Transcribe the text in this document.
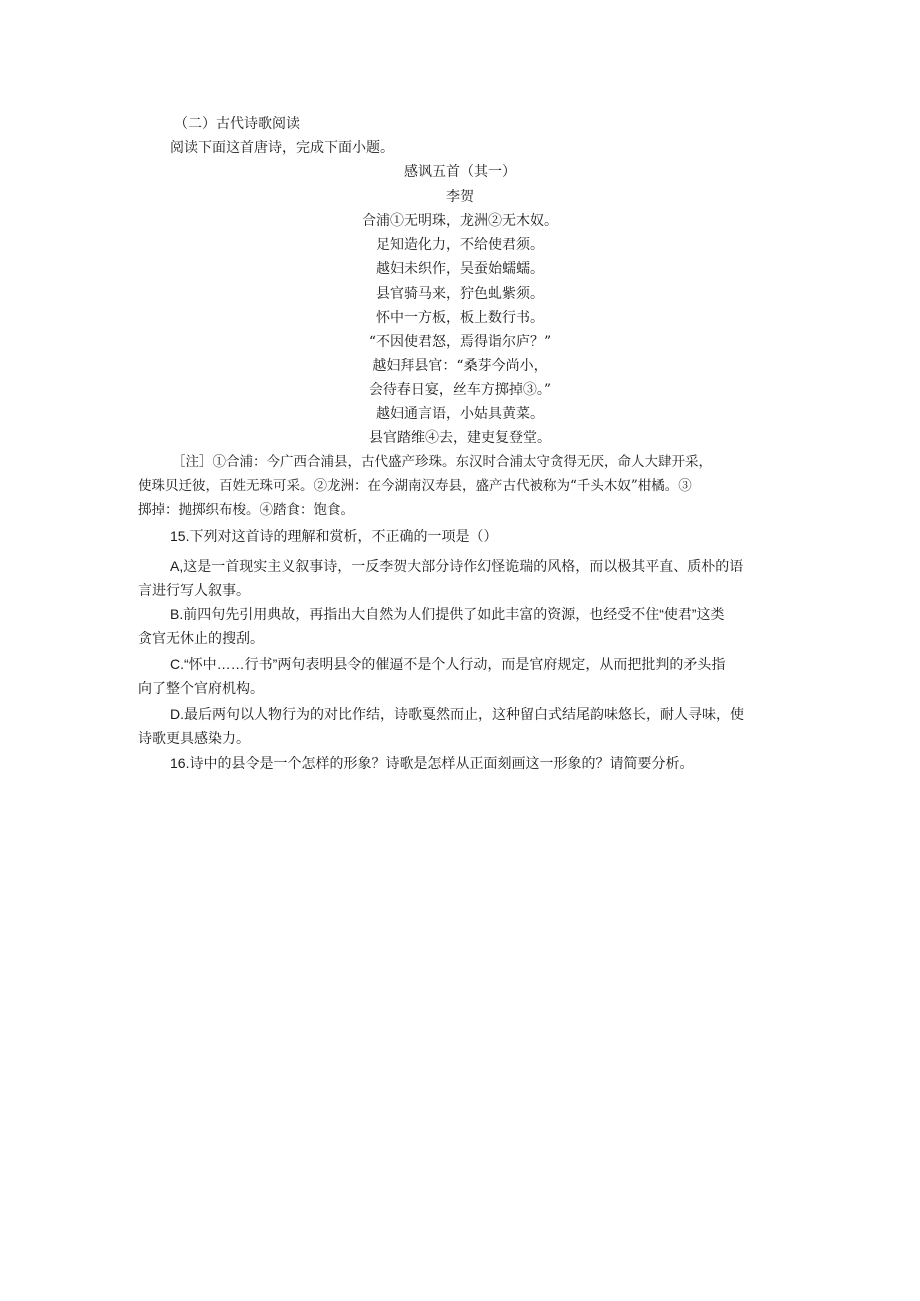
（二）古代诗歌阅读
阅读下面这首唐诗，完成下面小题。
感讽五首（其一）
李贺
合浦①无明珠，龙洲②无木奴。
足知造化力，不给使君须。
越妇未织作，吴蚕始蠕蠕。
县官骑马来，狞色虬紫须。
怀中一方板，板上数行书。
“不因使君怒，焉得诣尔庐？”
越妇拜县官：“桑芽今尚小，
会待春日宴，丝车方掷掉③。”
越妇通言语，小姑具黄菜。
县官踏维④去，建吏复登堂。
［注］①合浦：今广西合浦县，古代盛产珍珠。东汉时合浦太守贪得无厌，命人大肆开采，
使珠贝迁彼，百姓无珠可采。②龙洲：在今湖南汉寿县，盛产古代被称为“千头木奴”柑橘。③
掷掉：抛掷织布梭。④踏食：饱食。
15.下列对这首诗的理解和赏析，不正确的一项是（）
A,这是一首现实主义叙事诗，一反李贺大部分诗作幻怪诡瑞的风格，而以极其平直、质朴的语
言进行写人叙事。
B.前四句先引用典故，再指出大自然为人们提供了如此丰富的资源，也经受不住“使君”这类
贪官无休止的搜刮。
C.“怀中……行书”两句表明县令的催逼不是个人行动，而是官府规定，从而把批判的矛头指
向了整个官府机构。
D.最后两句以人物行为的对比作结，诗歌戛然而止，这种留白式结尾韵味悠长，耐人寻味，使
诗歌更具感染力。
16.诗中的县令是一个怎样的形象？诗歌是怎样从正面刻画这一形象的？请简要分析。
